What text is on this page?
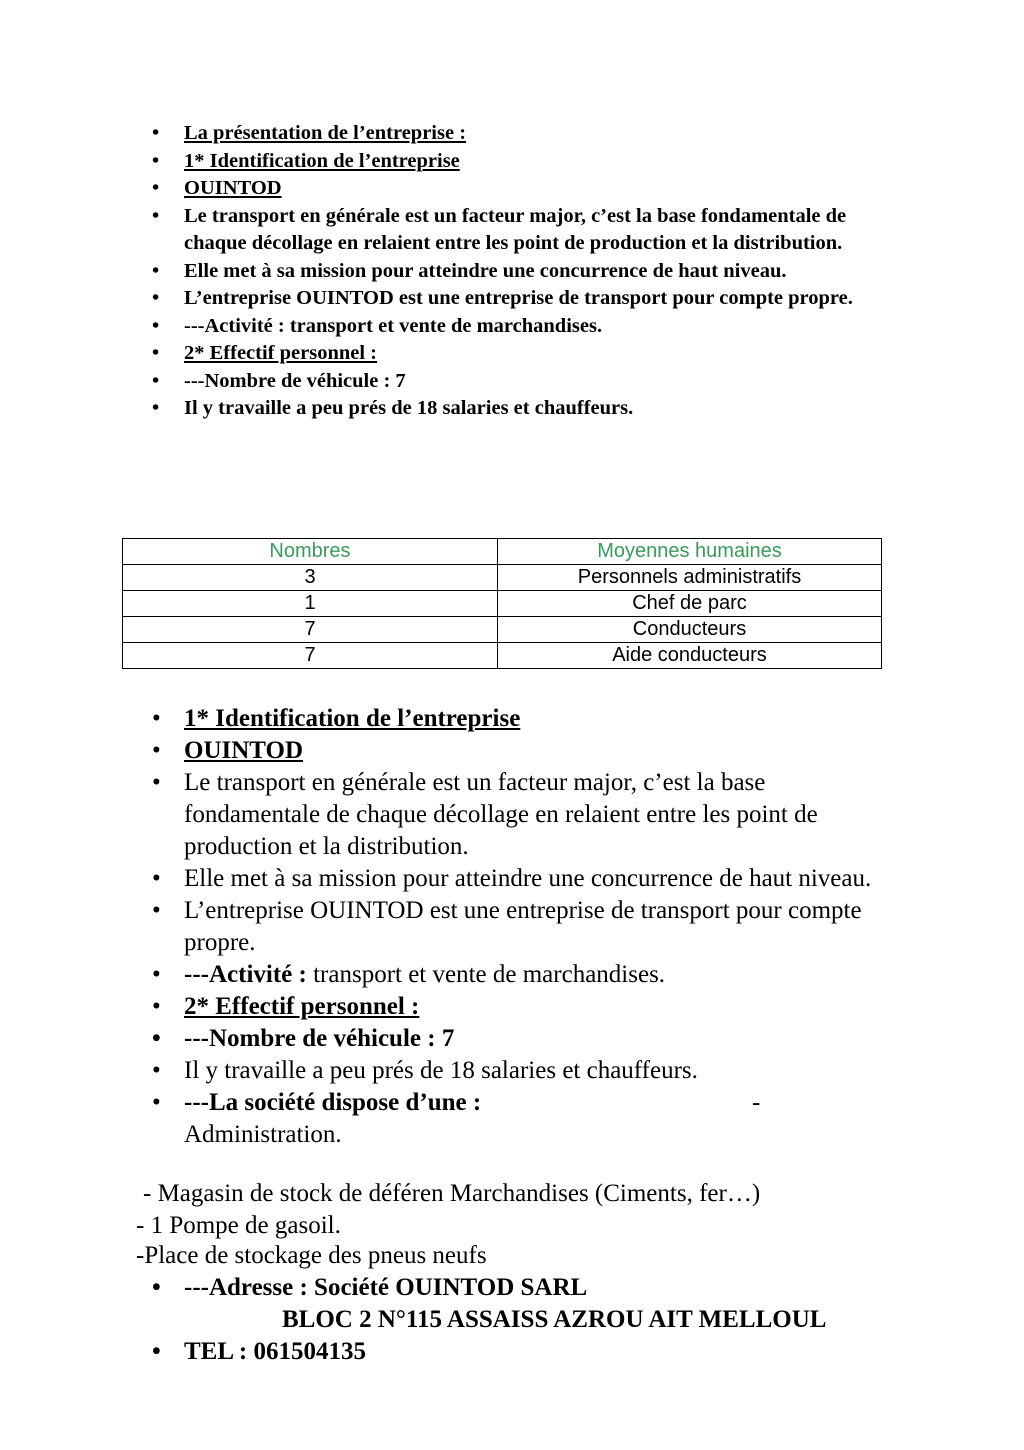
• La présentation de l’entreprise :
• 1* Identification de l’entreprise
• OUINTOD
• Le transport en générale est un facteur major, c’est la base fondamentale de chaque décollage en relaient entre les point de production et la distribution.
• Elle met à sa mission pour atteindre une concurrence de haut niveau.
• L’entreprise OUINTOD est une entreprise de transport pour compte propre.
• ---Activité : transport et vente de marchandises.
• 2* Effectif personnel :
• ---Nombre de véhicule : 7
• Il y travaille a peu prés de 18 salaries et chauffeurs.
Nombres	Moyennes humaines
3	Personnels administratifs
1	Chef de parc
7	Conducteurs
7	Aide conducteurs
• 1* Identification de l’entreprise
• OUINTOD
• Le transport en générale est un facteur major, c’est la base fondamentale de chaque décollage en relaient entre les point de production et la distribution.
• Elle met à sa mission pour atteindre une concurrence de haut niveau.
• L’entreprise OUINTOD est une entreprise de transport pour compte propre.
• ---Activité : transport et vente de marchandises.
• 2* Effectif personnel :
• ---Nombre de véhicule : 7
• Il y travaille a peu prés de 18 salaries et chauffeurs.
• ---La société dispose d’une :	-
Administration.
- Magasin de stock de déféren Marchandises (Ciments, fer…)
- 1 Pompe de gasoil.
-Place de stockage des pneus neufs
• ---Adresse : Société OUINTOD SARL
BLOC 2 N°115 ASSAISS AZROU AIT MELLOUL
• TEL : 061504135
